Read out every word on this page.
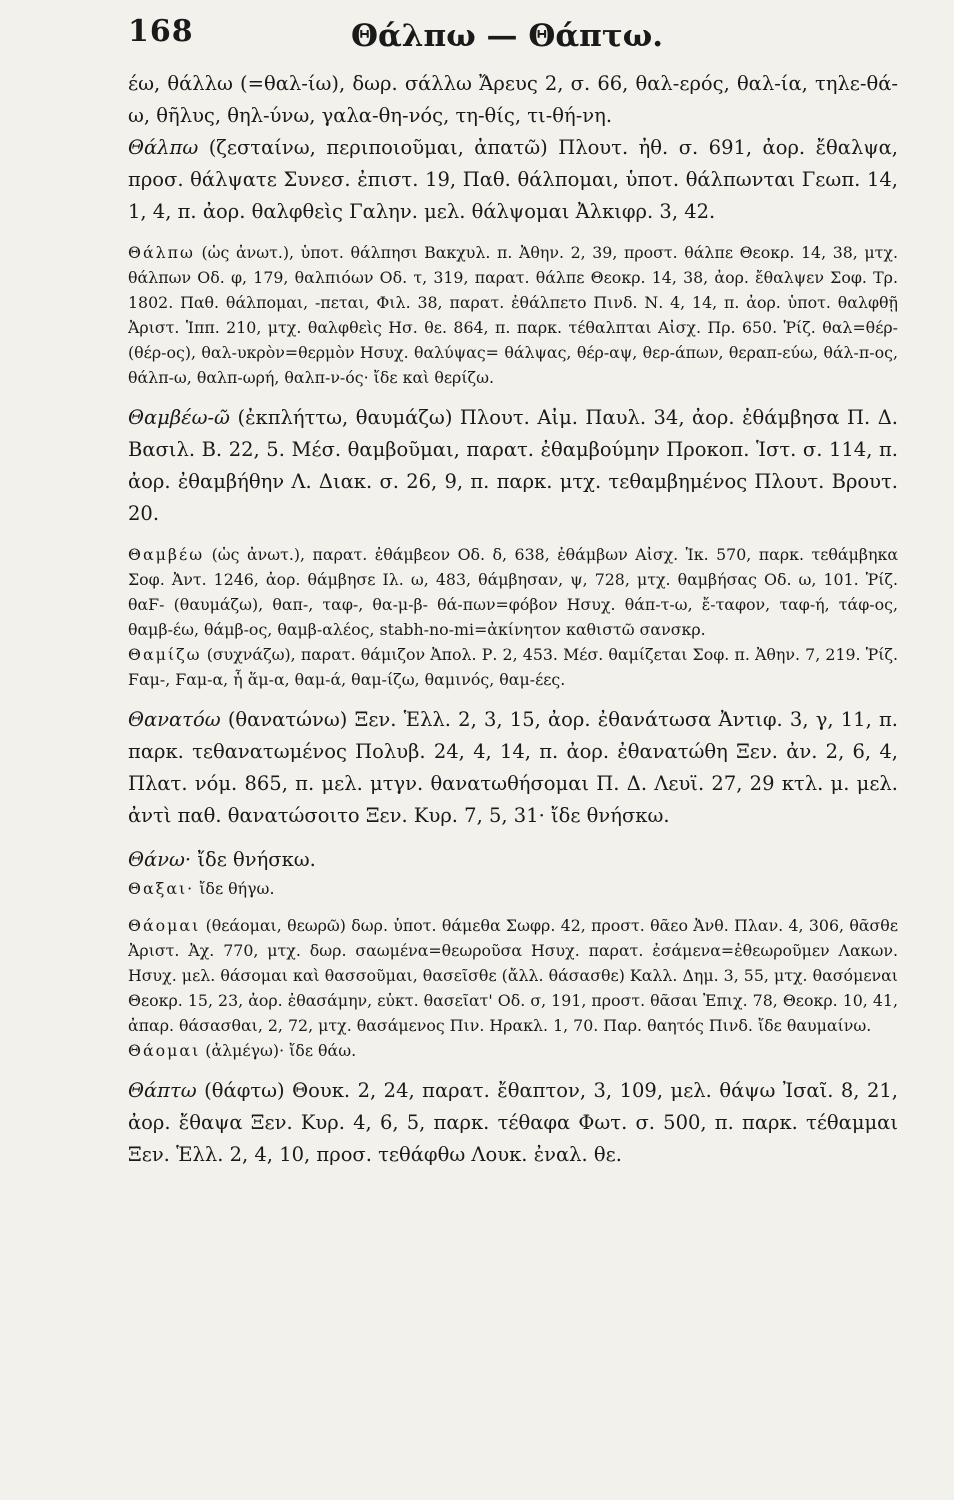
168	Θάλπω — Θάπτω.

έω, θάλλω (=θαλ-ίω), δωρ. σάλλω Ἄρευς 2, σ. 66, θαλ-ερός, θαλ-ία, τηλε-θά-ω, θῆλυς, θηλ-ύνω, γαλα-θη-νός, τη-θίς, τι-θή-νη.

Θάλπω (ζεσταίνω, περιποιοῦμαι, ἀπατῶ) Πλουτ. ἠθ. σ. 691, ἀορ. ἔθαλψα, προσ. θάλψατε Συνεσ. ἐπιστ. 19, Παθ. θάλπομαι, ὑποτ. θάλπωνται Γεωπ. 14, 1, 4, π. ἀορ. θαλφθεὶς Γαλην. μελ. θάλψομαι Ἀλκιφρ. 3, 42.

Θάλπω (ὡς ἀνωτ.), ὑποτ. θάλπησι Βακχυλ. π. Ἀθην. 2, 39, προστ. θάλπε Θεοκρ. 14, 38, μτχ. θάλπων Οδ. φ, 179, θαλπιόων Οδ. τ, 319, παρατ. θάλπε Θεοκρ. 14, 38, ἀορ. ἔθαλψεν Σοφ. Τρ. 1802. Παθ. θάλπομαι, -πεται, Φιλ. 38, παρατ. ἐθάλπετο Πινδ. Ν. 4, 14, π. ἀορ. ὑποτ. θαλφθῇ Ἀριστ. Ἱππ. 210, μτχ. θαλφθεὶς Ησ. θε. 864, π. παρκ. τέθαλπται Αἰσχ. Πρ. 650. Ῥίζ. θαλ=θέρ- (θέρ-ος), θαλ-υκρὸν=θερμὸν Ησυχ. θαλύψας= θάλψας, θέρ-αψ, θερ-άπων, θεραπ-εύω, θάλ-π-ος, θάλπ-ω, θαλπ-ωρή, θαλπ-ν-ός· ἴδε καὶ θερίζω.

Θαμβέω-ῶ (ἐκπλήττω, θαυμάζω) Πλουτ. Αἰμ. Παυλ. 34, ἀορ. ἐθάμβησα Π. Δ. Βασιλ. Β. 22, 5. Μέσ. θαμβοῦμαι, παρατ. ἐθαμβούμην Προκοπ. Ἱστ. σ. 114, π. ἀορ. ἐθαμβήθην Λ. Διακ. σ. 26, 9, π. παρκ. μτχ. τεθαμβημένος Πλουτ. Βρουτ. 20.

Θαμβέω (ὡς ἀνωτ.), παρατ. ἐθάμβεον Οδ. δ, 638, ἐθάμβων Αἰσχ. Ἱκ. 570, παρκ. τεθάμβηκα Σοφ. Ἀντ. 1246, ἀορ. θάμβησε Ιλ. ω, 483, θάμβησαν, ψ, 728, μτχ. θαμβήσας Οδ. ω, 101. Ῥίζ. θαϜ- (θαυμάζω), θαπ-, ταφ-, θα-μ-β- θά-πων=φόβον Ησυχ. θάπ-τ-ω, ἔ-ταφον, ταφ-ή, τάφ-ος, θαμβ-έω, θάμβ-ος, θαμβ-αλέος, stabh-no-mi=ἀκίνητον καθιστῶ σανσκρ.

Θαμίζω (συχνάζω), παρατ. θάμιζον Ἀπολ. Ρ. 2, 453. Μέσ. θαμίζεται Σοφ. π. Ἀθην. 7, 219. Ῥίζ. Ϝαμ-, Ϝαμ-α, ἧ ἅμ-α, θαμ-ά, θαμ-ίζω, θαμινός, θαμ-έες.

Θανατόω (θανατώνω) Ξεν. Ἑλλ. 2, 3, 15, ἀορ. ἐθανάτωσα Ἀντιφ. 3, γ, 11, π. παρκ. τεθανατωμένος Πολυβ. 24, 4, 14, π. ἀορ. ἐθανατώθη Ξεν. ἀν. 2, 6, 4, Πλατ. νόμ. 865, π. μελ. μτγν. θανατωθήσομαι Π. Δ. Λευϊ. 27, 29 κτλ. μ. μελ. ἀντὶ παθ. θανατώσοιτο Ξεν. Κυρ. 7, 5, 31· ἴδε θνήσκω.

Θάνω· ἴδε θνήσκω.

Θαξαι· ἴδε θήγω.

Θάομαι (θεάομαι, θεωρῶ) δωρ. ὑποτ. θάμεθα Σωφρ. 42, προστ. θᾶεο Ἀνθ. Πλαν. 4, 306, θᾶσθε Ἀριστ. Ἀχ. 770, μτχ. δωρ. σαωμένα=θεωροῦσα Ησυχ. παρατ. ἐσάμενα=ἐθεωροῦμεν Λακων. Ησυχ. μελ. θάσομαι καὶ θασσοῦμαι, θασεῖσθε (ἄλλ. θάσασθε) Καλλ. Δημ. 3, 55, μτχ. θασόμεναι Θεοκρ. 15, 23, ἀορ. ἐθασάμην, εὐκτ. θασεῖατ' Οδ. σ, 191, προστ. θᾶσαι Ἐπιχ. 78, Θεοκρ. 10, 41, ἀπαρ. θάσασθαι, 2, 72, μτχ. θασάμενος Πιν. Ηρακλ. 1, 70. Παρ. θαητός Πινδ. ἴδε θαυμαίνω.

Θάομαι (ἀλμέγω)· ἴδε θάω.

Θάπτω (θάφτω) Θουκ. 2, 24, παρατ. ἔθαπτον, 3, 109, μελ. θάψω Ἰσαῖ. 8, 21, ἀορ. ἔθαψα Ξεν. Κυρ. 4, 6, 5, παρκ. τέθαφα Φωτ. σ. 500, π. παρκ. τέθαμμαι Ξεν. Ἑλλ. 2, 4, 10, προσ. τεθάφθω Λουκ. ἐναλ. θε.
